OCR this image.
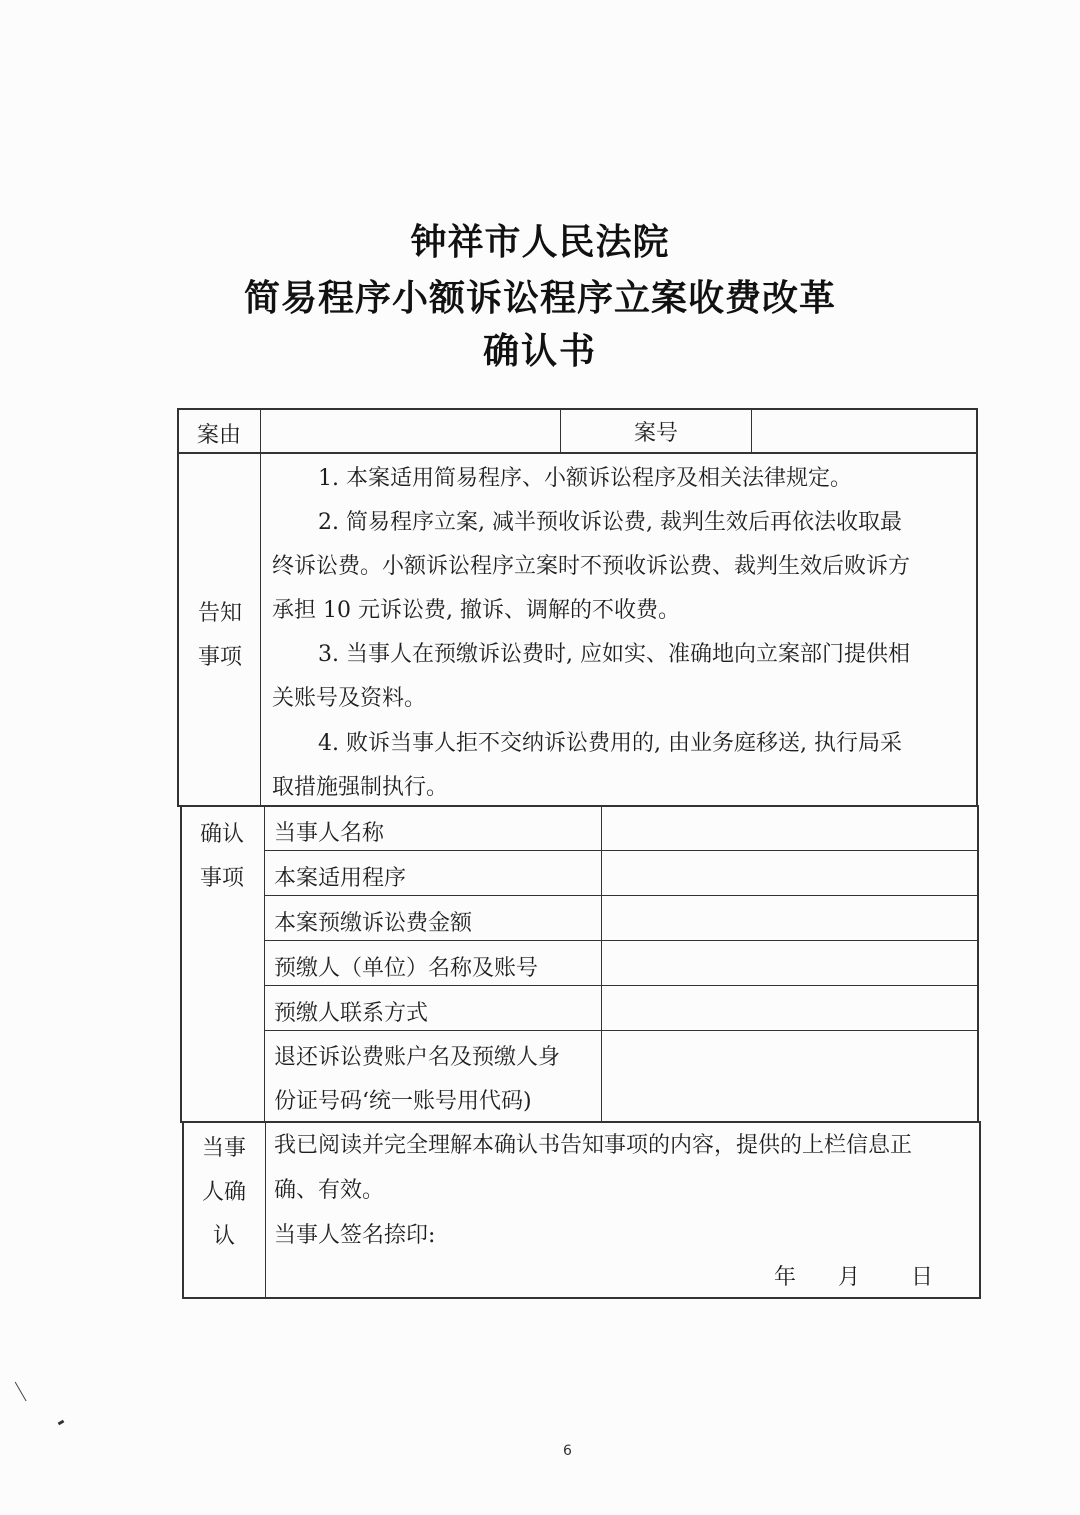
钟祥市人民法院
简易程序小额诉讼程序立案收费改革
确认书
案由	案号
告知
事项
1. 本案适用简易程序、小额诉讼程序及相关法律规定。
2. 简易程序立案, 减半预收诉讼费, 裁判生效后再依法收取最
终诉讼费。小额诉讼程序立案时不预收诉讼费、裁判生效后败诉方
承担 10 元诉讼费, 撤诉、调解的不收费。
3. 当事人在预缴诉讼费时, 应如实、准确地向立案部门提供相
关账号及资料。
4. 败诉当事人拒不交纳诉讼费用的, 由业务庭移送, 执行局采
取措施强制执行。
确认
事项
当事人名称
本案适用程序
本案预缴诉讼费金额
预缴人（单位）名称及账号
预缴人联系方式
退还诉讼费账户名及预缴人身
份证号码‘统一账号用代码)
当事
人确
认
我已阅读并完全理解本确认书告知事项的内容，提供的上栏信息正
确、有效。
当事人签名捺印:
年 月 日
6
